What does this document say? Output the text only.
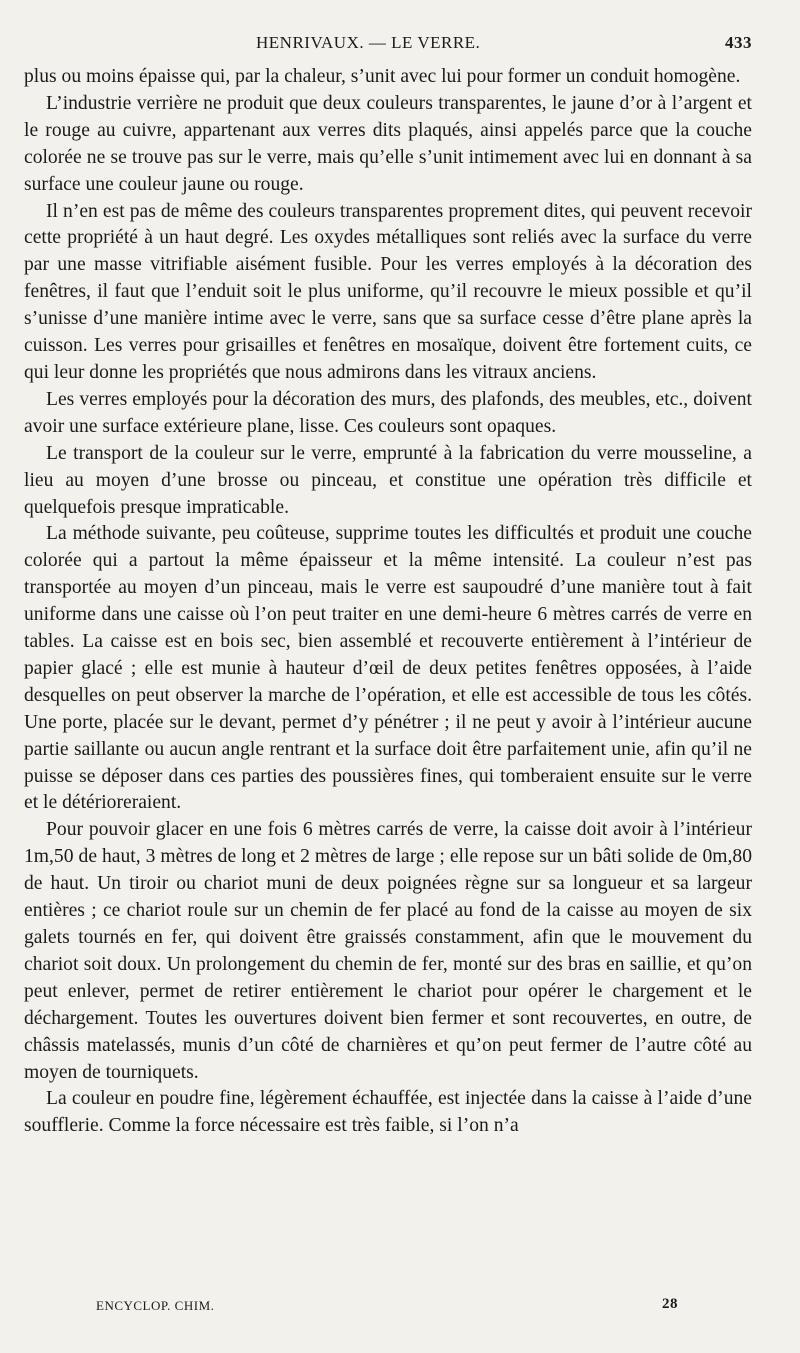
HENRIVAUX. — LE VERRE.	433

plus ou moins épaisse qui, par la chaleur, s’unit avec lui pour former un conduit homogène.

L’industrie verrière ne produit que deux couleurs transparentes, le jaune d’or à l’argent et le rouge au cuivre, appartenant aux verres dits plaqués, ainsi appelés parce que la couche colorée ne se trouve pas sur le verre, mais qu’elle s’unit intimement avec lui en donnant à sa surface une couleur jaune ou rouge.

Il n’en est pas de même des couleurs transparentes proprement dites, qui peuvent recevoir cette propriété à un haut degré. Les oxydes métalliques sont reliés avec la surface du verre par une masse vitrifiable aisément fusible. Pour les verres employés à la décoration des fenêtres, il faut que l’enduit soit le plus uniforme, qu’il recouvre le mieux possible et qu’il s’unisse d’une manière intime avec le verre, sans que sa surface cesse d’être plane après la cuisson. Les verres pour grisailles et fenêtres en mosaïque, doivent être fortement cuits, ce qui leur donne les propriétés que nous admirons dans les vitraux anciens.

Les verres employés pour la décoration des murs, des plafonds, des meubles, etc., doivent avoir une surface extérieure plane, lisse. Ces couleurs sont opaques.

Le transport de la couleur sur le verre, emprunté à la fabrication du verre mousseline, a lieu au moyen d’une brosse ou pinceau, et constitue une opération très difficile et quelquefois presque impraticable.

La méthode suivante, peu coûteuse, supprime toutes les difficultés et produit une couche colorée qui a partout la même épaisseur et la même intensité. La couleur n’est pas transportée au moyen d’un pinceau, mais le verre est saupoudré d’une manière tout à fait uniforme dans une caisse où l’on peut traiter en une demi-heure 6 mètres carrés de verre en tables. La caisse est en bois sec, bien assemblé et recouverte entièrement à l’intérieur de papier glacé ; elle est munie à hauteur d’œil de deux petites fenêtres opposées, à l’aide desquelles on peut observer la marche de l’opération, et elle est accessible de tous les côtés. Une porte, placée sur le devant, permet d’y pénétrer ; il ne peut y avoir à l’intérieur aucune partie saillante ou aucun angle rentrant et la surface doit être parfaitement unie, afin qu’il ne puisse se déposer dans ces parties des poussières fines, qui tomberaient ensuite sur le verre et le détérioreraient.

Pour pouvoir glacer en une fois 6 mètres carrés de verre, la caisse doit avoir à l’intérieur 1m,50 de haut, 3 mètres de long et 2 mètres de large ; elle repose sur un bâti solide de 0m,80 de haut. Un tiroir ou chariot muni de deux poignées règne sur sa longueur et sa largeur entières ; ce chariot roule sur un chemin de fer placé au fond de la caisse au moyen de six galets tournés en fer, qui doivent être graissés constamment, afin que le mouvement du chariot soit doux. Un prolongement du chemin de fer, monté sur des bras en saillie, et qu’on peut enlever, permet de retirer entièrement le chariot pour opérer le chargement et le déchargement. Toutes les ouvertures doivent bien fermer et sont recouvertes, en outre, de châssis matelassés, munis d’un côté de charnières et qu’on peut fermer de l’autre côté au moyen de tourniquets.

La couleur en poudre fine, légèrement échauffée, est injectée dans la caisse à l’aide d’une soufflerie. Comme la force nécessaire est très faible, si l’on n’a

ENCYCLOP. CHIM.	28
